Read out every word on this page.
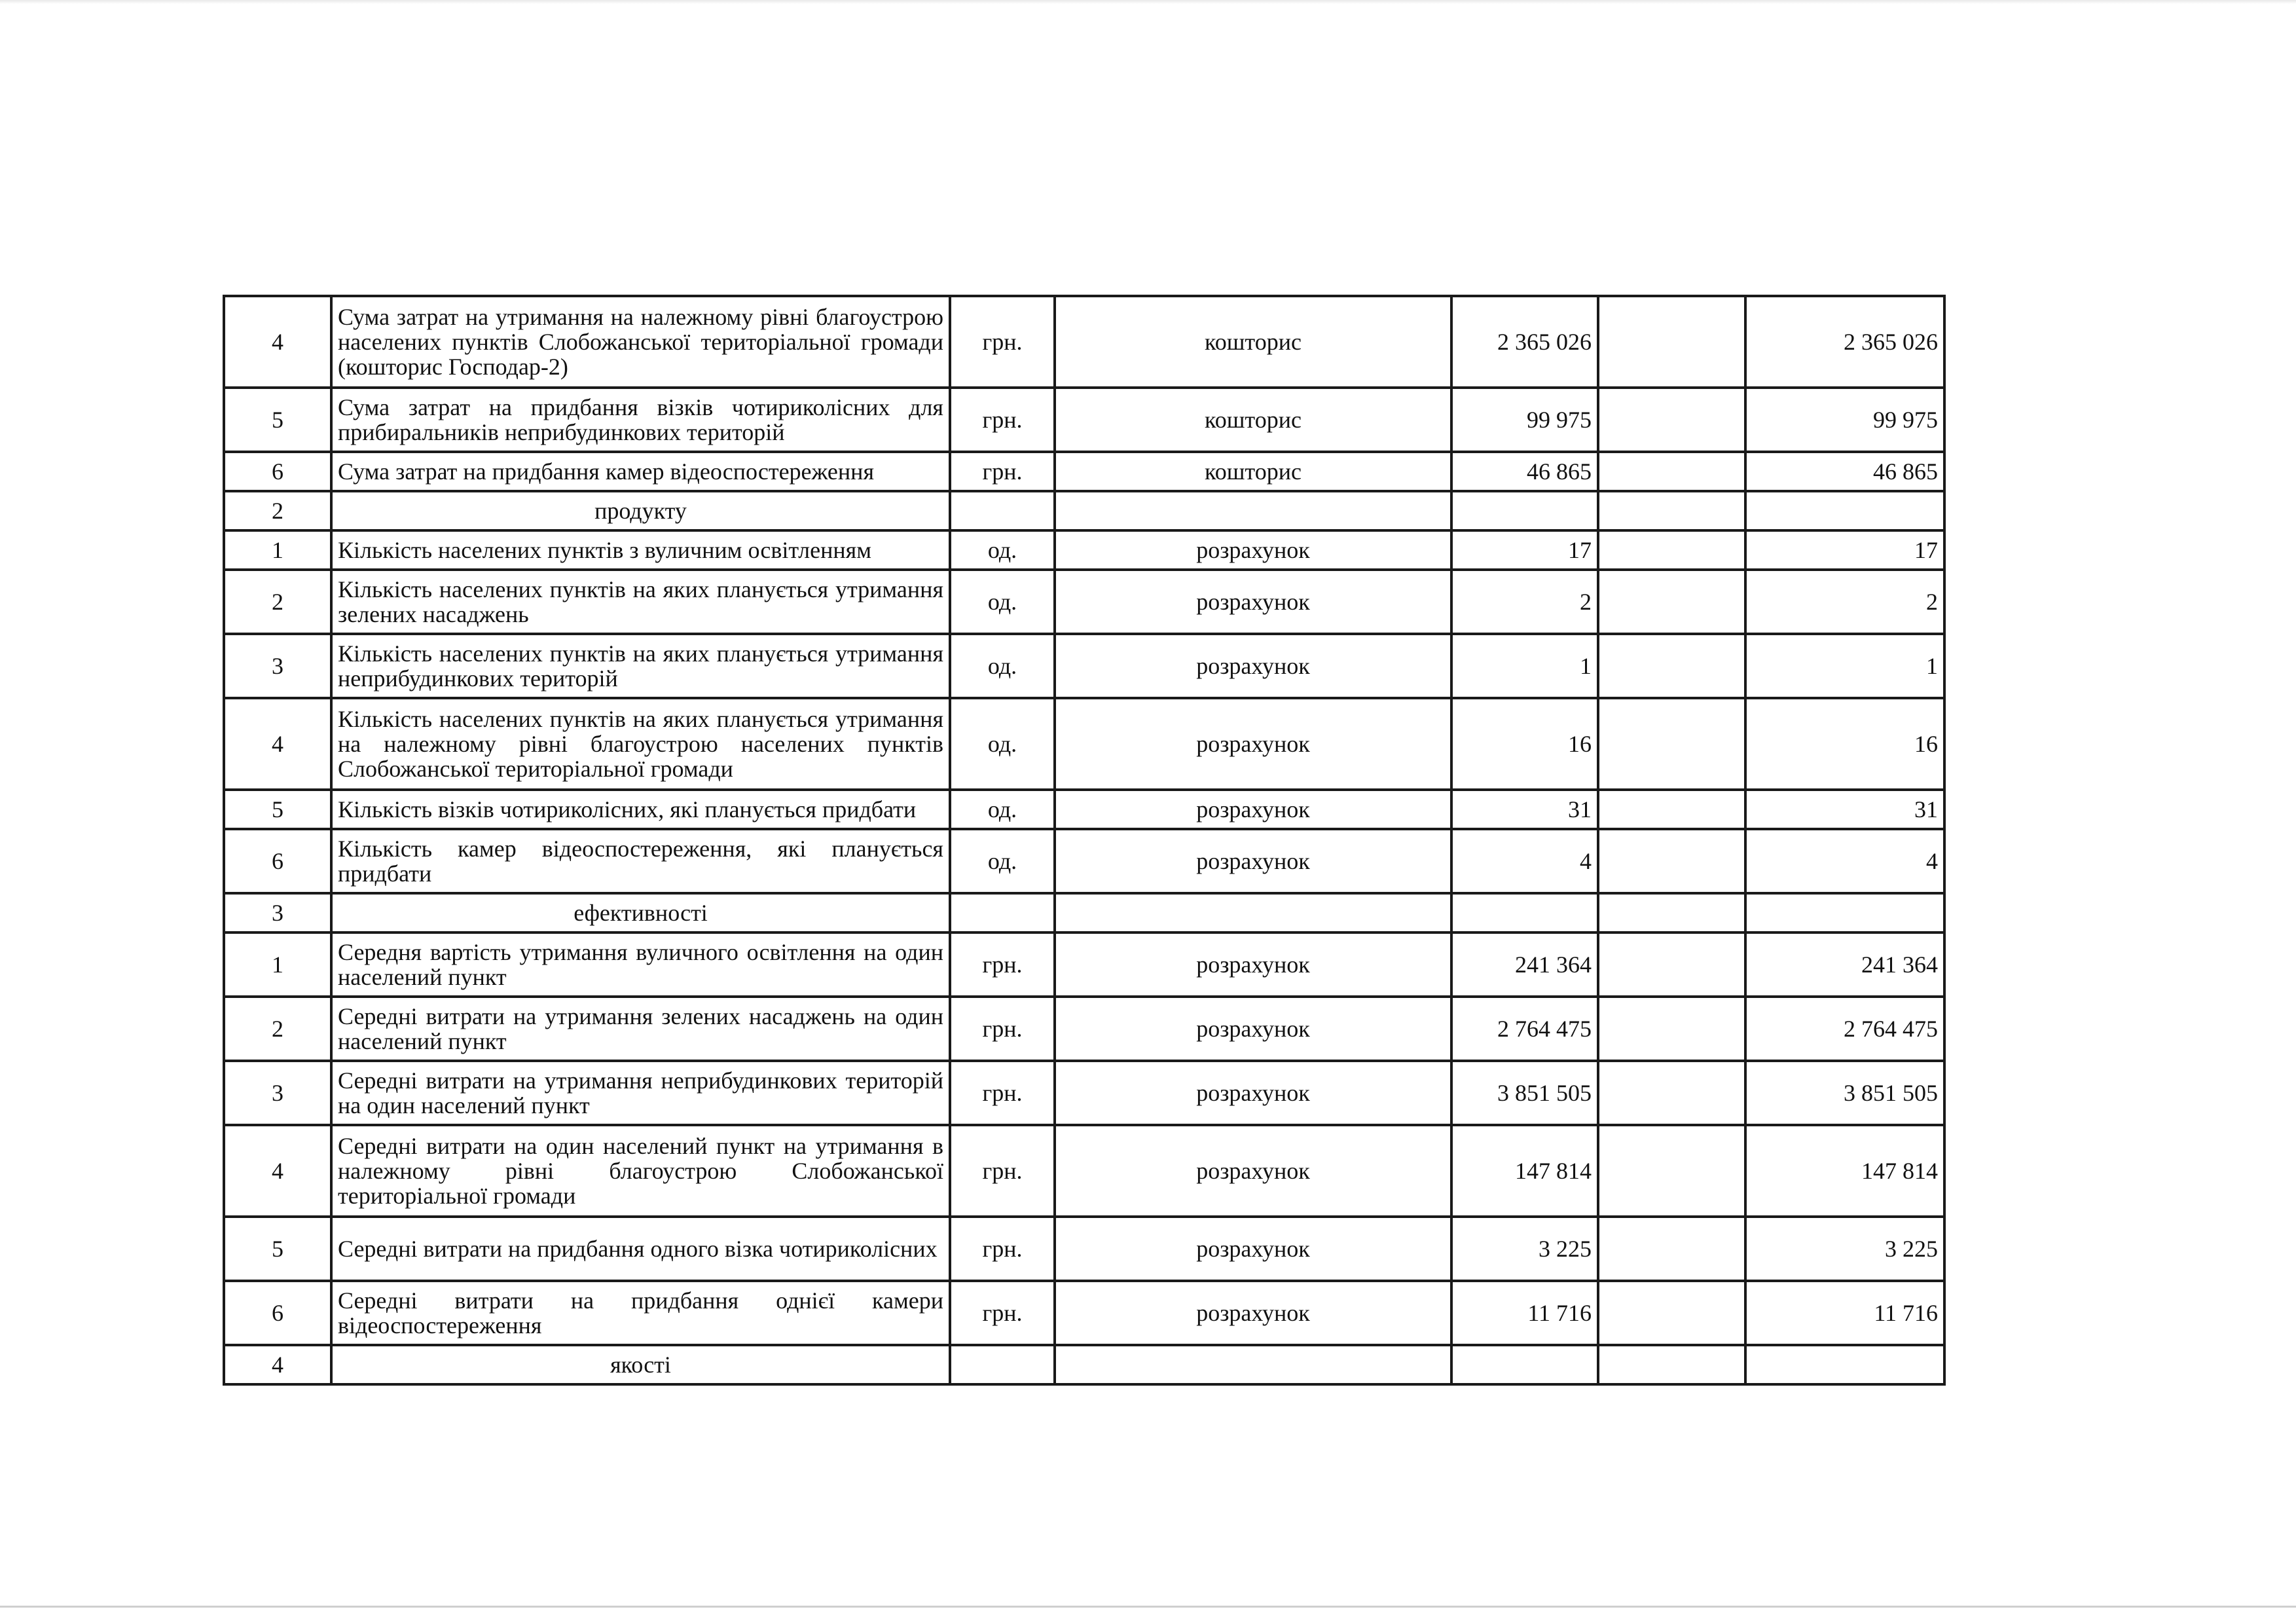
4	Сума затрат на утримання на належному рівні благоустрою населених пунктів Слобожанської територіальної громади (кошторис Господар-2)	грн.	кошторис	2 365 026		2 365 026
5	Сума затрат на придбання візків чотириколісних для прибиральників неприбудинкових територій	грн.	кошторис	99 975		99 975
6	Сума затрат на придбання камер відеоспостереження	грн.	кошторис	46 865		46 865
2	продукту					
1	Кількість населених пунктів з вуличним освітленням	од.	розрахунок	17		17
2	Кількість населених пунктів на яких планується утримання зелених насаджень	од.	розрахунок	2		2
3	Кількість населених пунктів на яких планується утримання неприбудинкових територій	од.	розрахунок	1		1
4	Кількість населених пунктів на яких планується утримання на належному рівні благоустрою населених пунктів Слобожанської територіальної громади	од.	розрахунок	16		16
5	Кількість візків чотириколісних, які планується придбати	од.	розрахунок	31		31
6	Кількість камер відеоспостереження, які планується придбати	од.	розрахунок	4		4
3	ефективності					
1	Середня вартість утримання вуличного освітлення на один населений пункт	грн.	розрахунок	241 364		241 364
2	Середні витрати на утримання зелених насаджень на один населений пункт	грн.	розрахунок	2 764 475		2 764 475
3	Середні витрати на утримання неприбудинкових територій на один населений пункт	грн.	розрахунок	3 851 505		3 851 505
4	Середні витрати на один населений пункт на утримання в належному рівні благоустрою Слобожанської територіальної громади	грн.	розрахунок	147 814		147 814
5	Середні витрати на придбання одного візка чотириколісних	грн.	розрахунок	3 225		3 225
6	Середні витрати на придбання однієї камери відеоспостереження	грн.	розрахунок	11 716		11 716
4	якості					
